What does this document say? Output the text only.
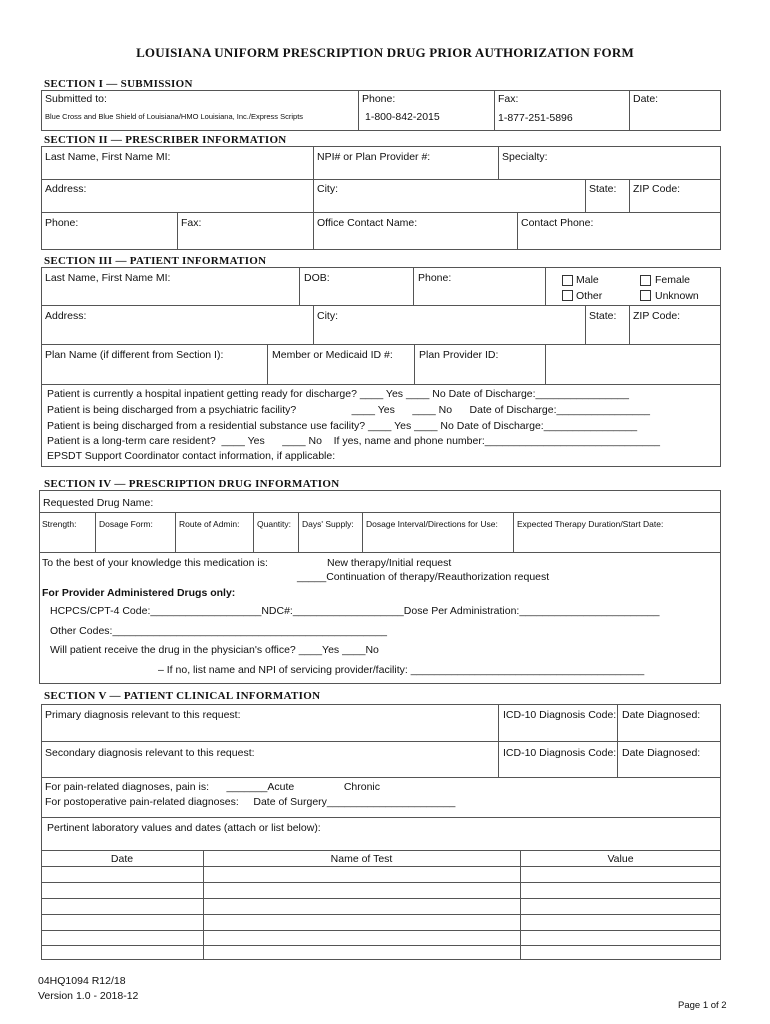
LOUISIANA UNIFORM PRESCRIPTION DRUG PRIOR AUTHORIZATION FORM
SECTION I — SUBMISSION
Submitted to:
Blue Cross and Blue Shield of Louisiana/HMO Louisiana, Inc./Express Scripts
Phone:
1-800-842-2015
Fax:
1-877-251-5896
Date:
SECTION II — PRESCRIBER INFORMATION
Last Name, First Name MI:	NPI# or Plan Provider #:	Specialty:
Address:	City:	State: ZIP Code:
Phone:	Fax:	Office Contact Name:	Contact Phone:
SECTION III — PATIENT INFORMATION
Last Name, First Name MI:	DOB:	Phone:	Male	Female
Other	Unknown
Address:	City:	State: ZIP Code:
Plan Name (if different from Section I):	Member or Medicaid ID #: Plan Provider ID:
Patient is currently a hospital inpatient getting ready for discharge? ____ Yes ____ No Date of Discharge:________________
Patient is being discharged from a psychiatric facility?                   ____ Yes      ____ No      Date of Discharge:________________
Patient is being discharged from a residential substance use facility? ____ Yes ____ No Date of Discharge:________________
Patient is a long-term care resident?  ____ Yes      ____ No    If yes, name and phone number:______________________________
EPSDT Support Coordinator contact information, if applicable:
SECTION IV — PRESCRIPTION DRUG INFORMATION
Requested Drug Name:
Strength:	Dosage Form:	Route of Admin: Quantity: Days' Supply: Dosage Interval/Directions for Use: Expected Therapy Duration/Start Date:
To the best of your knowledge this medication is:	New therapy/Initial request
_____Continuation of therapy/Reauthorization request
For Provider Administered Drugs only:
HCPCS/CPT-4 Code:___________________NDC#:___________________Dose Per Administration:________________________
Other Codes:_______________________________________________
Will patient receive the drug in the physician's office? ____Yes ____No
– If no, list name and NPI of servicing provider/facility: ________________________________________
SECTION V — PATIENT CLINICAL INFORMATION
Primary diagnosis relevant to this request:	ICD-10 Diagnosis Code: Date Diagnosed:
Secondary diagnosis relevant to this request:	ICD-10 Diagnosis Code: Date Diagnosed:
For pain-related diagnoses, pain is:      _______Acute                 Chronic
For postoperative pain-related diagnoses:     Date of Surgery______________________
Pertinent laboratory values and dates (attach or list below):
Date	Name of Test	Value
04HQ1094 R12/18
Version 1.0 - 2018-12
Page 1 of 2
